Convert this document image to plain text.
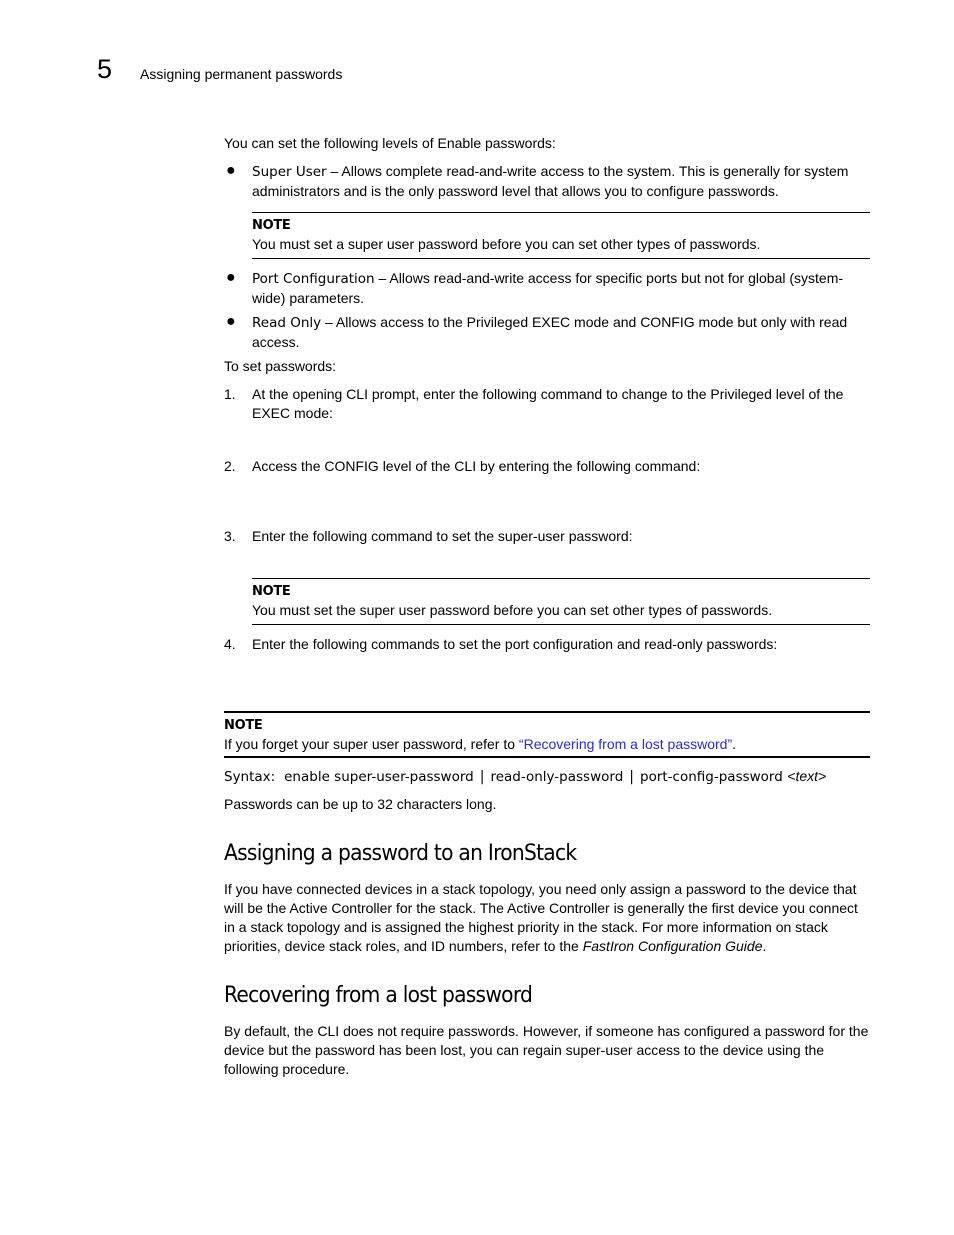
5 Assigning permanent passwords
You can set the following levels of Enable passwords:
● Super User – Allows complete read-and-write access to the system. This is generally for system administrators and is the only password level that allows you to configure passwords.
NOTE
You must set a super user password before you can set other types of passwords.
● Port Configuration – Allows read-and-write access for specific ports but not for global (system-wide) parameters.
● Read Only – Allows access to the Privileged EXEC mode and CONFIG mode but only with read access.
To set passwords:
1. At the opening CLI prompt, enter the following command to change to the Privileged level of the EXEC mode:
2. Access the CONFIG level of the CLI by entering the following command:
3. Enter the following command to set the super-user password:
NOTE
You must set the super user password before you can set other types of passwords.
4. Enter the following commands to set the port configuration and read-only passwords:
NOTE
If you forget your super user password, refer to “Recovering from a lost password”.
Syntax: enable super-user-password | read-only-password | port-config-password <text>
Passwords can be up to 32 characters long.
Assigning a password to an IronStack
If you have connected devices in a stack topology, you need only assign a password to the device that will be the Active Controller for the stack. The Active Controller is generally the first device you connect in a stack topology and is assigned the highest priority in the stack. For more information on stack priorities, device stack roles, and ID numbers, refer to the FastIron Configuration Guide.
Recovering from a lost password
By default, the CLI does not require passwords. However, if someone has configured a password for the device but the password has been lost, you can regain super-user access to the device using the following procedure.
